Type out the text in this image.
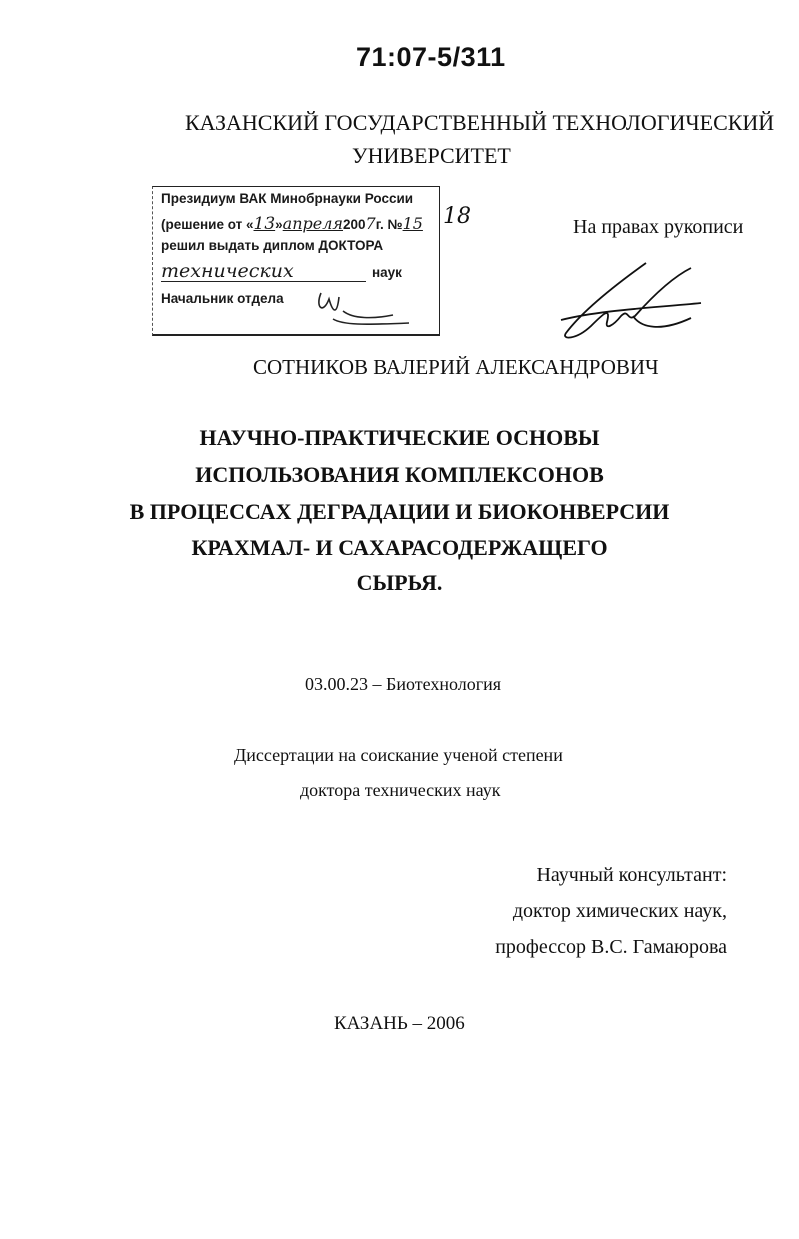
71:07-5/311
КАЗАНСКИЙ ГОСУДАРСТВЕННЫЙ ТЕХНОЛОГИЧЕСКИЙ
УНИВЕРСИТЕТ
Президиум ВАК Минобрнауки России
(решение от «13»апреля2007г. №15
решил выдать диплом ДОКТОРА
технических	наук
Начальник отдела
18	На правах рукописи
СОТНИКОВ ВАЛЕРИЙ АЛЕКСАНДРОВИЧ
НАУЧНО-ПРАКТИЧЕСКИЕ ОСНОВЫ
ИСПОЛЬЗОВАНИЯ КОМПЛЕКСОНОВ
В ПРОЦЕССАХ ДЕГРАДАЦИИ И БИОКОНВЕРСИИ
КРАХМАЛ- И САХАРАСОДЕРЖАЩЕГО
СЫРЬЯ.
03.00.23 – Биотехнология
Диссертации на соискание ученой степени
доктора технических наук
Научный консультант:
доктор химических наук,
профессор В.С. Гамаюрова
КАЗАНЬ – 2006
